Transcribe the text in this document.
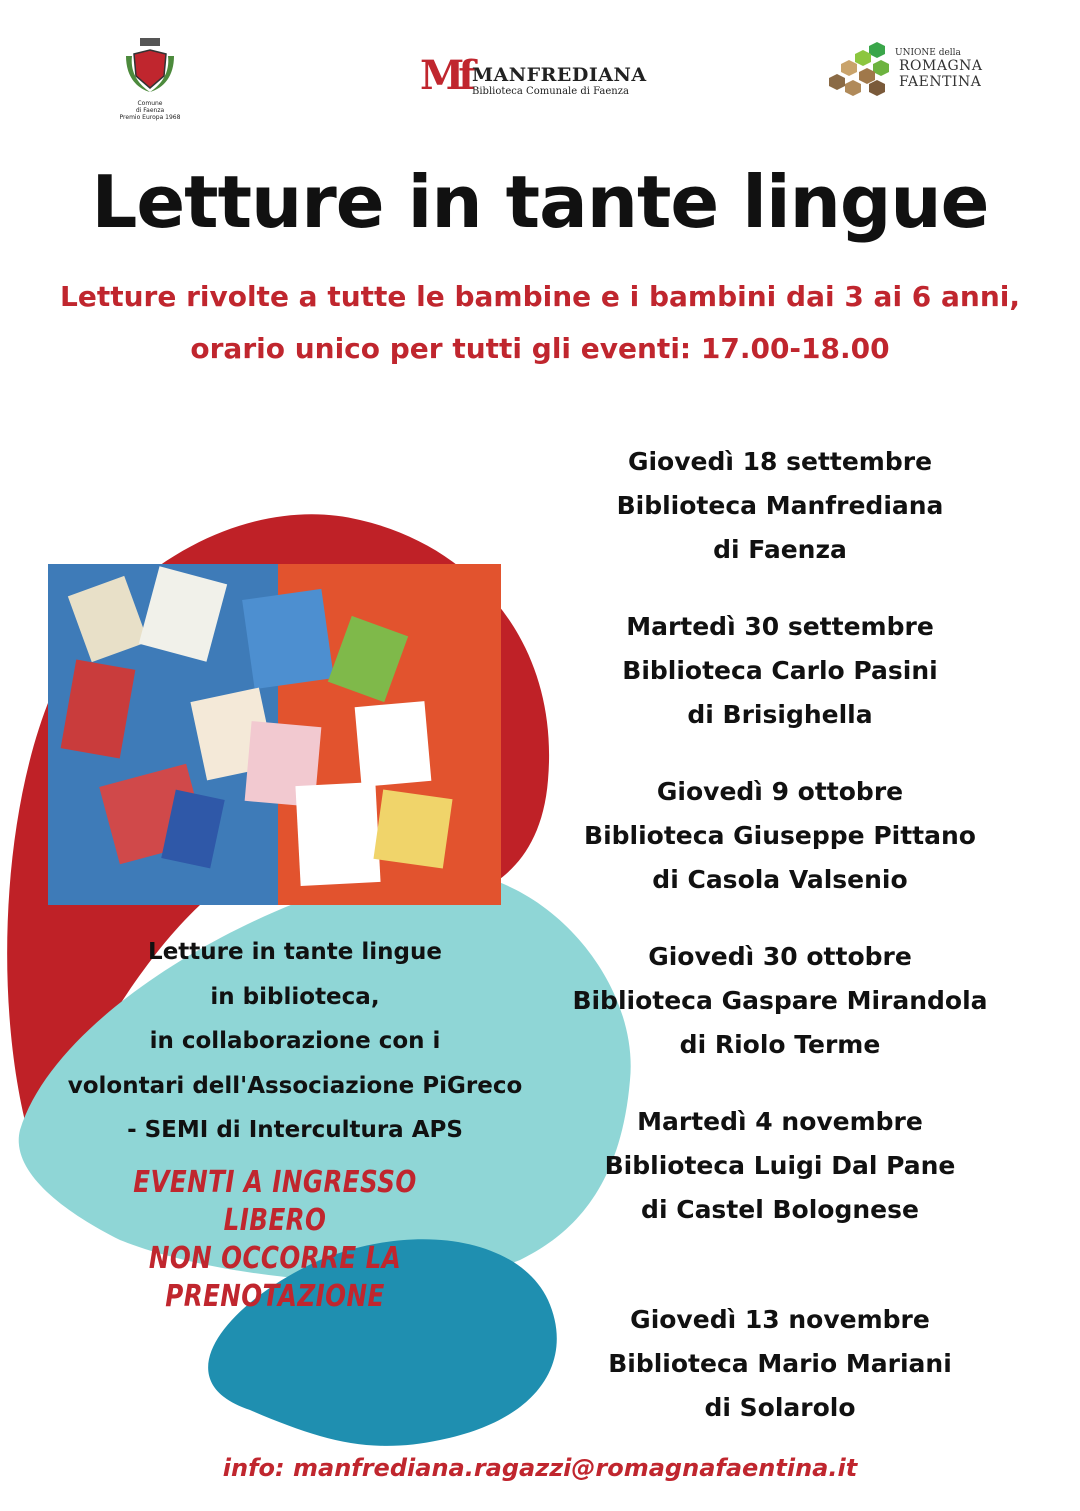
Comune
di Faenza
Premio Europa 1968
Mf MANFREDIANA
Biblioteca Comunale di Faenza
UNIONE della
ROMAGNA
FAENTINA
Letture in tante lingue
Letture rivolte a tutte le bambine e i bambini dai 3 ai 6 anni,
orario unico per tutti gli eventi: 17.00-18.00
Giovedì 18 settembre
Biblioteca Manfrediana
di Faenza
Martedì 30 settembre
Biblioteca Carlo Pasini
di Brisighella
Giovedì 9 ottobre
Biblioteca Giuseppe Pittano
di Casola Valsenio
Giovedì 30 ottobre
Biblioteca Gaspare Mirandola
di Riolo Terme
Martedì 4 novembre
Biblioteca Luigi Dal Pane
di Castel Bolognese
Giovedì 13 novembre
Biblioteca Mario Mariani
di Solarolo
Letture in tante lingue
in biblioteca,
in collaborazione con i
volontari dell'Associazione PiGreco
- SEMI di Intercultura APS
EVENTI A INGRESSO LIBERO
NON OCCORRE LA PRENOTAZIONE
info: manfrediana.ragazzi@romagnafaentina.it
